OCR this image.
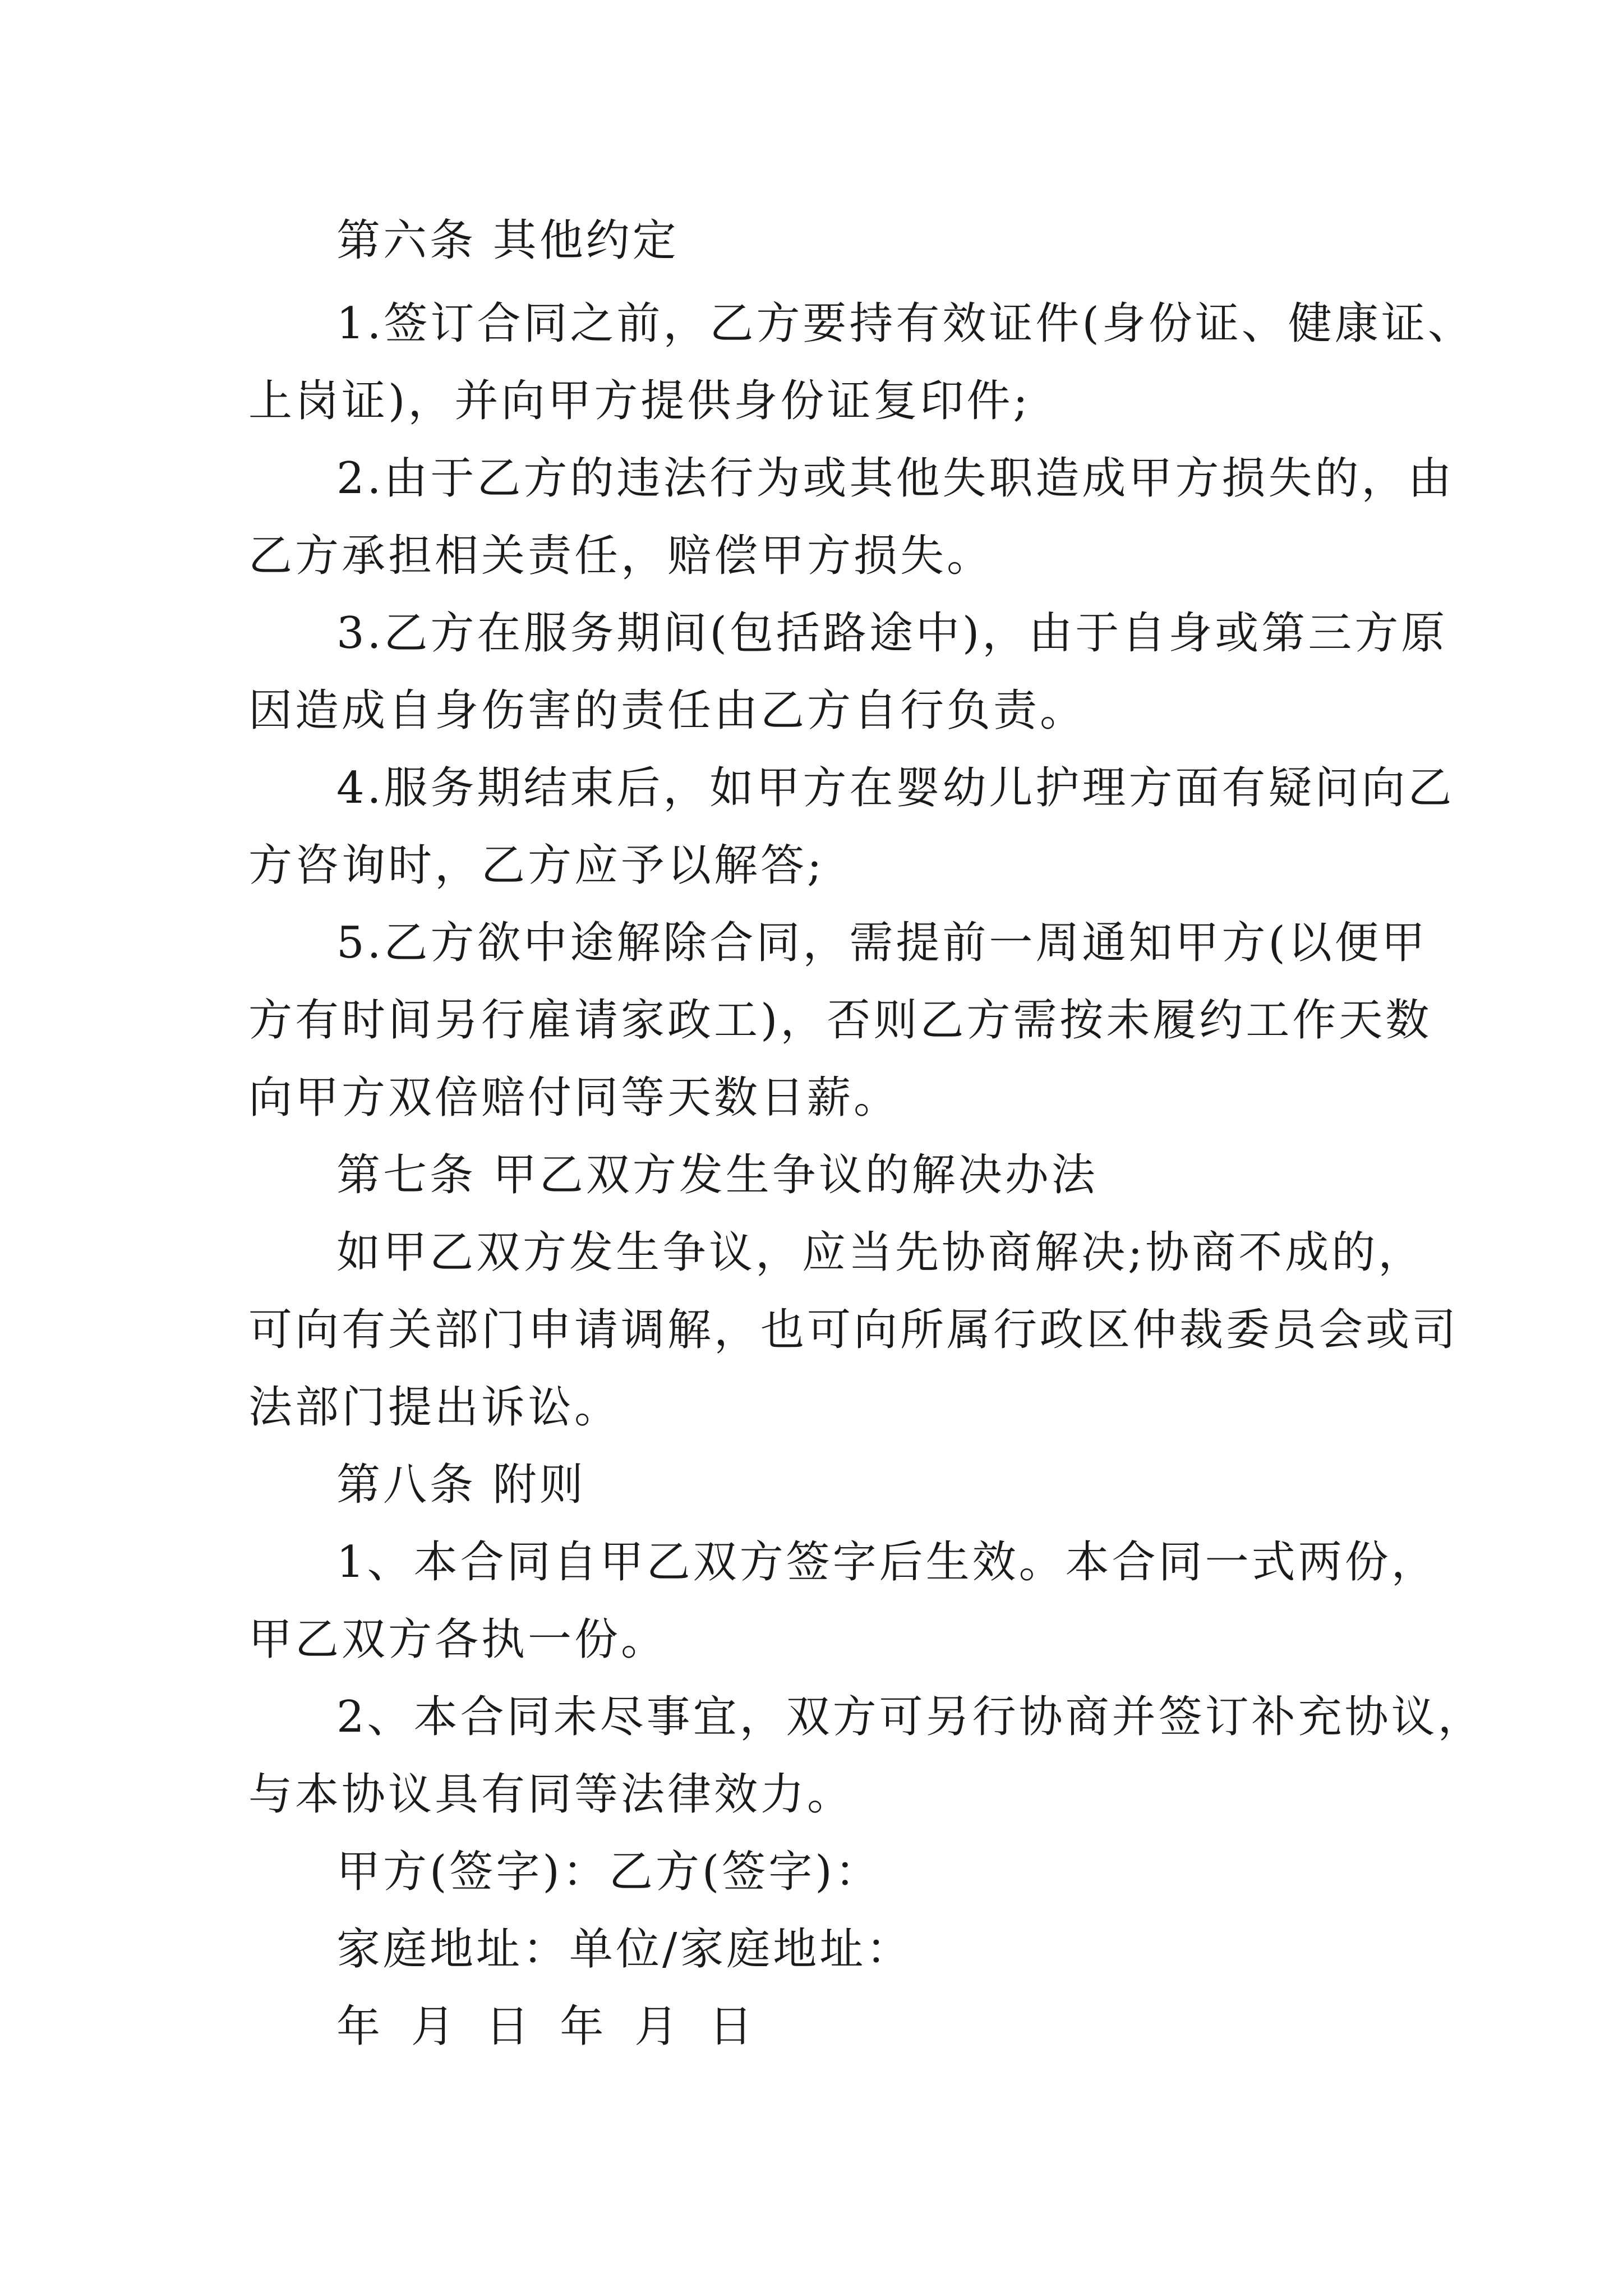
第六条 其他约定
1.签订合同之前，乙方要持有效证件(身份证、健康证、
上岗证)，并向甲方提供身份证复印件;
2.由于乙方的违法行为或其他失职造成甲方损失的，由
乙方承担相关责任，赔偿甲方损失。
3.乙方在服务期间(包括路途中)，由于自身或第三方原
因造成自身伤害的责任由乙方自行负责。
4.服务期结束后，如甲方在婴幼儿护理方面有疑问向乙
方咨询时，乙方应予以解答;
5.乙方欲中途解除合同，需提前一周通知甲方(以便甲
方有时间另行雇请家政工)，否则乙方需按未履约工作天数
向甲方双倍赔付同等天数日薪。
第七条 甲乙双方发生争议的解决办法
如甲乙双方发生争议，应当先协商解决;协商不成的，
可向有关部门申请调解，也可向所属行政区仲裁委员会或司
法部门提出诉讼。
第八条 附则
1、本合同自甲乙双方签字后生效。本合同一式两份，
甲乙双方各执一份。
2、本合同未尽事宜，双方可另行协商并签订补充协议，
与本协议具有同等法律效力。
甲方(签字)：乙方(签字)：
家庭地址：单位/家庭地址：
年 月 日 年 月 日
